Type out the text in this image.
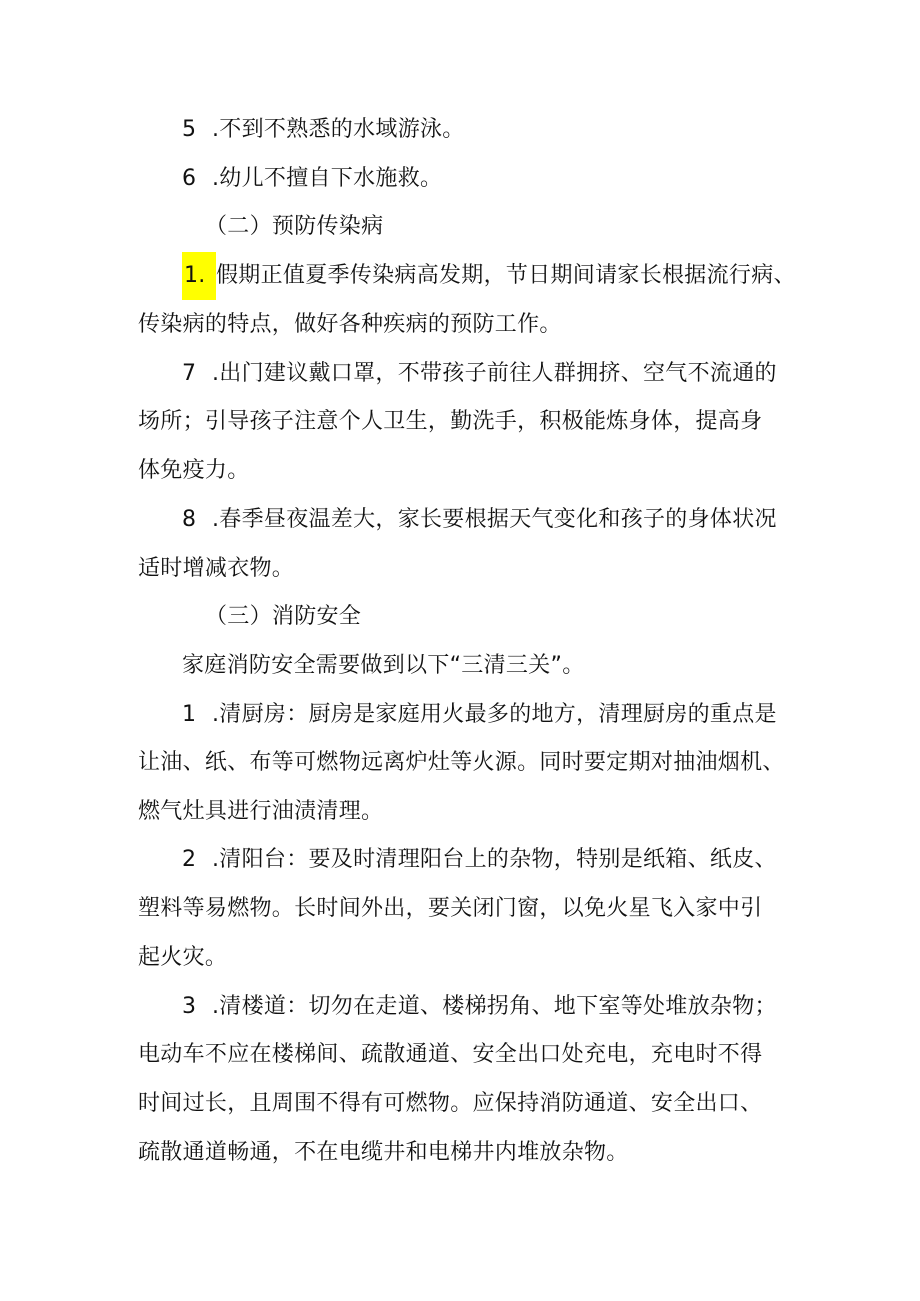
5 .不到不熟悉的水域游泳。
6 .幼儿不擅自下水施救。
（二）预防传染病
1. 假期正值夏季传染病高发期，节日期间请家长根据流行病、
传染病的特点，做好各种疾病的预防工作。
7 .出门建议戴口罩，不带孩子前往人群拥挤、空气不流通的
场所；引导孩子注意个人卫生，勤洗手，积极能炼身体，提高身
体免疫力。
8 .春季昼夜温差大，家长要根据天气变化和孩子的身体状况
适时增减衣物。
（三）消防安全
家庭消防安全需要做到以下“三清三关”。
1 .清厨房：厨房是家庭用火最多的地方，清理厨房的重点是
让油、纸、布等可燃物远离炉灶等火源。同时要定期对抽油烟机、
燃气灶具进行油渍清理。
2 .清阳台：要及时清理阳台上的杂物，特别是纸箱、纸皮、
塑料等易燃物。长时间外出，要关闭门窗，以免火星飞入家中引
起火灾。
3 .清楼道：切勿在走道、楼梯拐角、地下室等处堆放杂物；
电动车不应在楼梯间、疏散通道、安全出口处充电，充电时不得
时间过长，且周围不得有可燃物。应保持消防通道、安全出口、
疏散通道畅通，不在电缆井和电梯井内堆放杂物。
